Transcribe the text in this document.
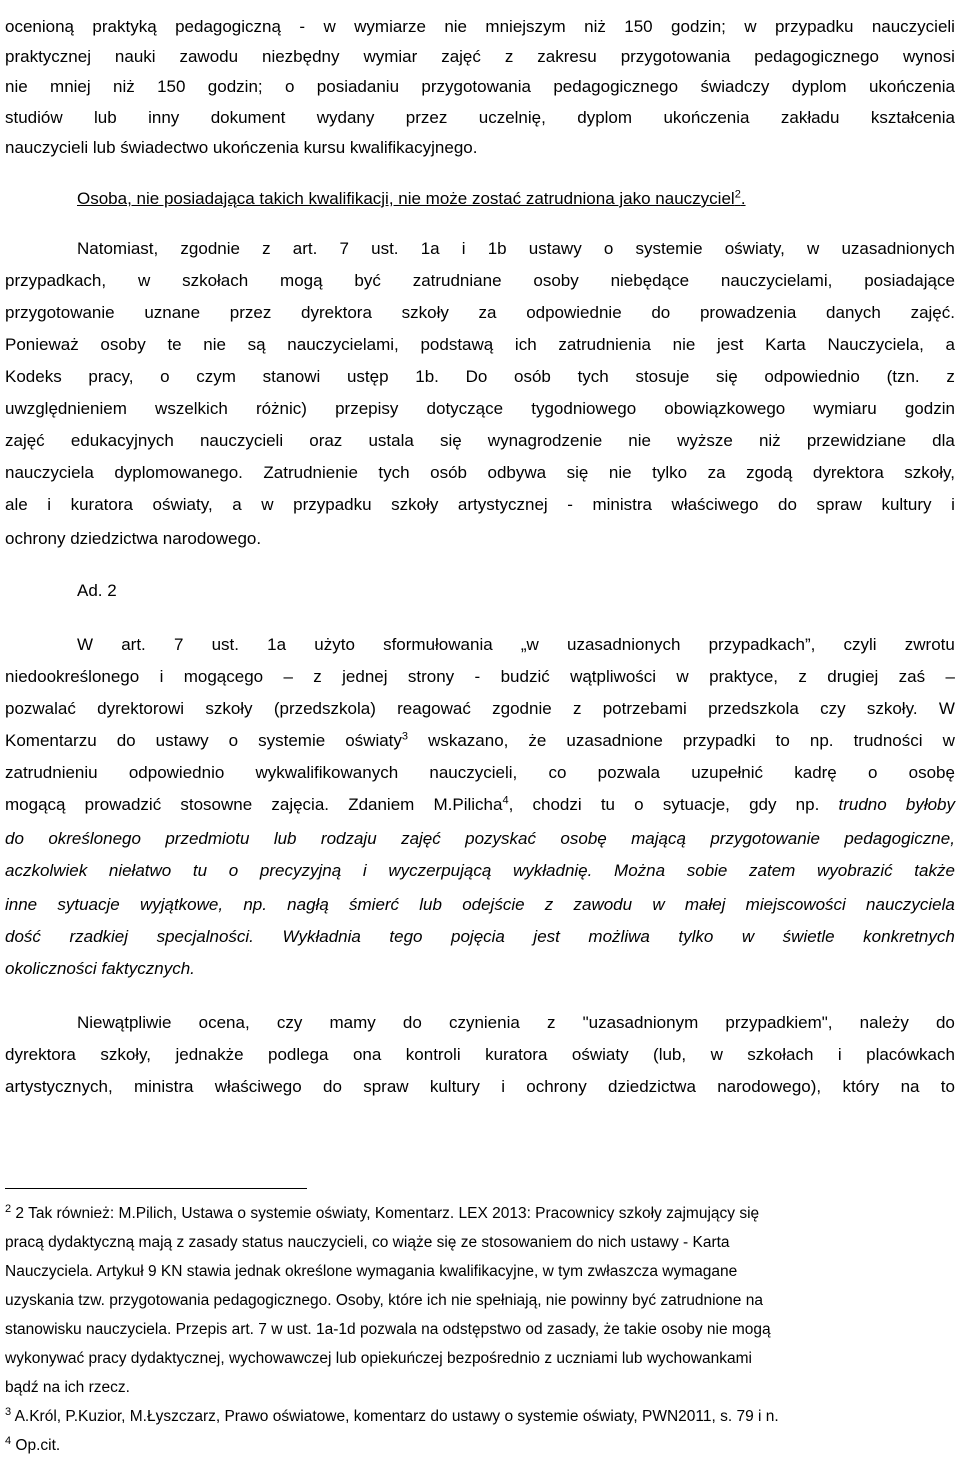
ocenioną praktyką pedagogiczną - w wymiarze nie mniejszym niż 150 godzin; w przypadku nauczycieli
praktycznej nauki zawodu niezbędny wymiar zajęć z zakresu przygotowania pedagogicznego wynosi
nie mniej niż 150 godzin; o posiadaniu przygotowania pedagogicznego świadczy dyplom ukończenia
studiów lub inny dokument wydany przez uczelnię, dyplom ukończenia zakładu kształcenia
nauczycieli lub świadectwo ukończenia kursu kwalifikacyjnego.
Osoba, nie posiadająca takich kwalifikacji, nie może zostać zatrudniona jako nauczyciel$^2$.
Natomiast, zgodnie z art. 7 ust. 1a i 1b ustawy o systemie oświaty, w uzasadnionych
przypadkach, w szkołach mogą być zatrudniane osoby niebędące nauczycielami, posiadające
przygotowanie uznane przez dyrektora szkoły za odpowiednie do prowadzenia danych zajęć.
Ponieważ osoby te nie są nauczycielami, podstawą ich zatrudnienia nie jest Karta Nauczyciela, a
Kodeks pracy, o czym stanowi ustęp 1b. Do osób tych stosuje się odpowiednio (tzn. z
uwzględnieniem wszelkich różnic) przepisy dotyczące tygodniowego obowiązkowego wymiaru godzin
zajęć edukacyjnych nauczycieli oraz ustala się wynagrodzenie nie wyższe niż przewidziane dla
nauczyciela dyplomowanego. Zatrudnienie tych osób odbywa się nie tylko za zgodą dyrektora szkoły,
ale i kuratora oświaty, a w przypadku szkoły artystycznej - ministra właściwego do spraw kultury i
ochrony dziedzictwa narodowego.
Ad. 2
W art. 7 ust. 1a użyto sformułowania „w uzasadnionych przypadkach”, czyli zwrotu
niedookreślonego i mogącego – z jednej strony - budzić wątpliwości w praktyce, z drugiej zaś –
pozwalać dyrektorowi szkoły (przedszkola) reagować zgodnie z potrzebami przedszkola czy szkoły. W
Komentarzu do ustawy o systemie oświaty$^3$ wskazano, że uzasadnione przypadki to np. trudności w
zatrudnieniu odpowiednio wykwalifikowanych nauczycieli, co pozwala uzupełnić kadrę o osobę
mogącą prowadzić stosowne zajęcia. Zdaniem M.Pilicha$^4$, chodzi tu o sytuacje, gdy np. trudno byłoby
do określonego przedmiotu lub rodzaju zajęć pozyskać osobę mającą przygotowanie pedagogiczne,
aczkolwiek niełatwo tu o precyzyjną i wyczerpującą wykładnię. Można sobie zatem wyobrazić także
inne sytuacje wyjątkowe, np. nagłą śmierć lub odejście z zawodu w małej miejscowości nauczyciela
dość rzadkiej specjalności. Wykładnia tego pojęcia jest możliwa tylko w świetle konkretnych
okoliczności faktycznych.
Niewątpliwie ocena, czy mamy do czynienia z "uzasadnionym przypadkiem", należy do
dyrektora szkoły, jednakże podlega ona kontroli kuratora oświaty (lub, w szkołach i placówkach
artystycznych, ministra właściwego do spraw kultury i ochrony dziedzictwa narodowego), który na to
$^2$ 2 Tak również: M.Pilich, Ustawa o systemie oświaty, Komentarz. LEX 2013: Pracownicy szkoły zajmujący się
pracą dydaktyczną mają z zasady status nauczycieli, co wiąże się ze stosowaniem do nich ustawy - Karta
Nauczyciela. Artykuł 9 KN stawia jednak określone wymagania kwalifikacyjne, w tym zwłaszcza wymagane
uzyskania tzw. przygotowania pedagogicznego. Osoby, które ich nie spełniają, nie powinny być zatrudnione na
stanowisku nauczyciela. Przepis art. 7 w ust. 1a-1d pozwala na odstępstwo od zasady, że takie osoby nie mogą
wykonywać pracy dydaktycznej, wychowawczej lub opiekuńczej bezpośrednio z uczniami lub wychowankami
bądź na ich rzecz.
$^3$ A.Król, P.Kuzior, M.Łyszczarz, Prawo oświatowe, komentarz do ustawy o systemie oświaty, PWN2011, s. 79 i n.
$^4$ Op.cit.
